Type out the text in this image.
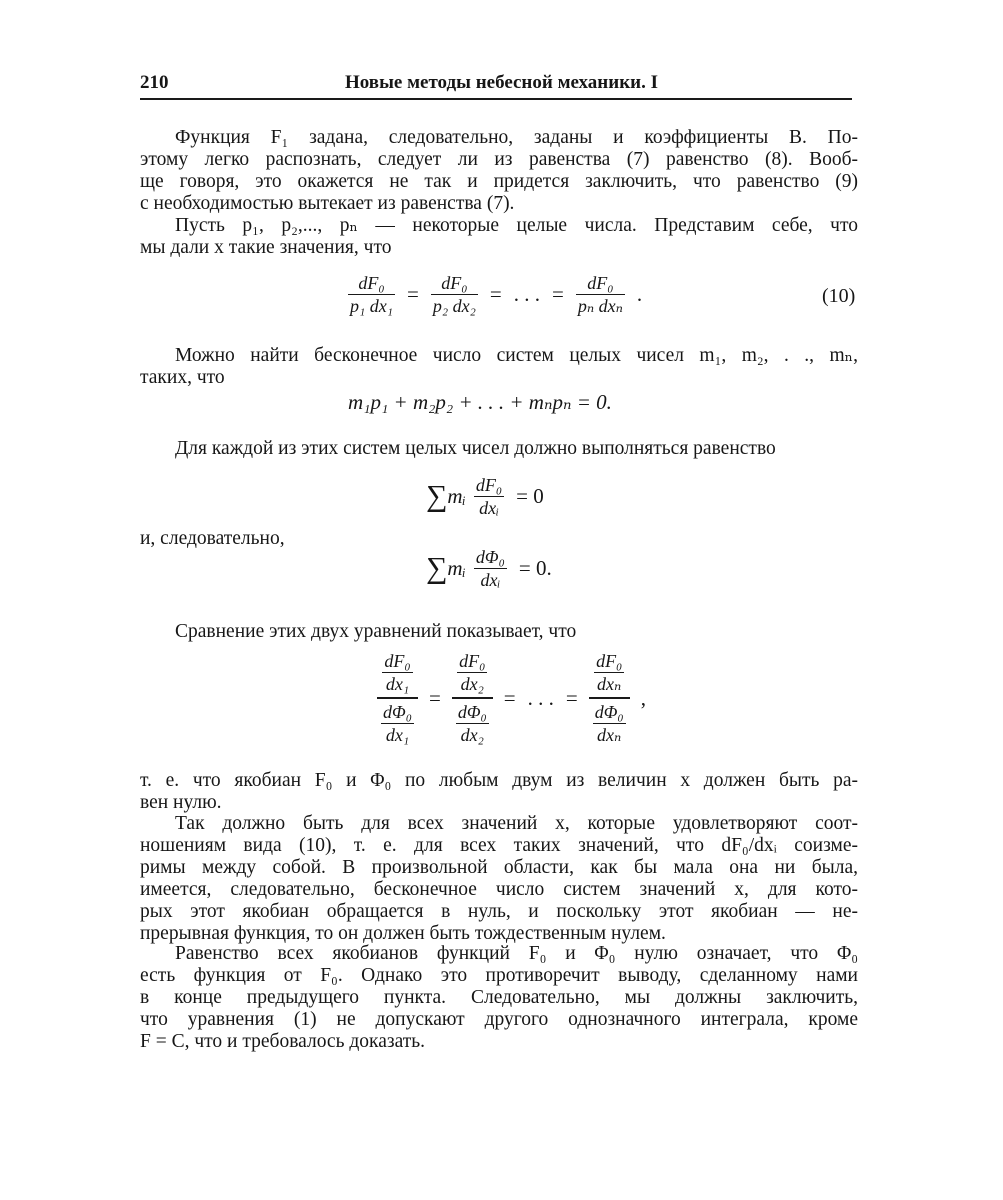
210	Новые методы небесной механики. I
Функция F₁ задана, следовательно, заданы и коэффициенты B. По-
этому легко распознать, следует ли из равенства (7) равенство (8). Вооб-
ще говоря, это окажется не так и придется заключить, что равенство (9)
с необходимостью вытекает из равенства (7).
Пусть p₁, p₂,..., pₙ — некоторые целые числа. Представим себе, что
мы дали x такие значения, что
$\frac{\text{dF₀}}{\text{p₁ dx₁}} = \frac{\text{dF₀}}{\text{p₂ dx₂}}$ = . . . = $\frac{\text{dF₀}}{\text{pₙ dxₙ}}$ .	(10)
Можно найти бесконечное число систем целых чисел m₁, m₂, . ., mₙ,
таких, что
m₁p₁ + m₂p₂ + . . . + mₙpₙ = 0.
Для каждой из этих систем целых чисел должно выполняться равенство
∑mᵢ $\frac{\text{dF₀}}{\text{dxᵢ}} = 0$
и, следовательно,
∑mᵢ $\frac{\text{dΦ₀}}{\text{dxᵢ}} = 0$.
Сравнение этих двух уравнений показывает, что
$\frac{\frac{\text{dF₀}}{\text{dx₁}}}{\frac{\text{dΦ₀}}{\text{dx₁}}} = \frac{\frac{\text{dF₀}}{\text{dx₂}}}{\frac{\text{dΦ₀}}{\text{dx₂}}}$ = . . . =
$\frac{\text{dF₀}}{\text{dxₙ}}$
$\frac{\text{dΦ₀}}{\text{dxₙ}}$
,
т. е. что якобиан F₀ и Φ₀ по любым двум из величин x должен быть ра-
вен нулю.
Так должно быть для всех значений x, которые удовлетворяют соот-
ношениям вида (10), т. е. для всех таких значений, что dF₀/dxᵢ соизме-
римы между собой. В произвольной области, как бы мала она ни была,
имеется, следовательно, бесконечное число систем значений x, для кото-
рых этот якобиан обращается в нуль, и поскольку этот якобиан — не-
прерывная функция, то он должен быть тождественным нулем.
Равенство всех якобианов функций F₀ и Φ₀ нулю означает, что Φ₀
есть функция от F₀. Однако это противоречит выводу, сделанному нами
в конце предыдущего пункта. Следовательно, мы должны заключить,
что уравнения (1) не допускают другого однозначного интеграла, кроме
F = C, что и требовалось доказать.
